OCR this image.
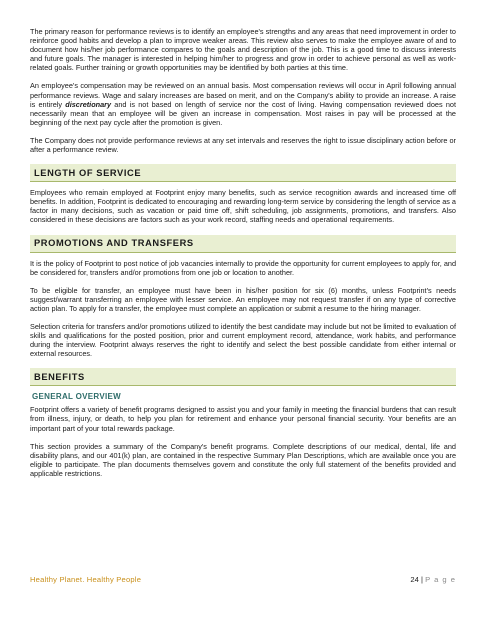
The primary reason for performance reviews is to identify an employee's strengths and any areas that need improvement in order to reinforce good habits and develop a plan to improve weaker areas. This review also serves to make the employee aware of and to document how his/her job performance compares to the goals and description of the job. This is a good time to discuss interests and future goals. The manager is interested in helping him/her to progress and grow in order to achieve personal as well as work-related goals. Further training or growth opportunities may be identified by both parties at this time.

An employee's compensation may be reviewed on an annual basis. Most compensation reviews will occur in April following annual performance reviews. Wage and salary increases are based on merit, and on the Company's ability to provide an increase. A raise is entirely discretionary and is not based on length of service nor the cost of living. Having compensation reviewed does not necessarily mean that an employee will be given an increase in compensation. Most raises in pay will be processed at the beginning of the next pay cycle after the promotion is given.

The Company does not provide performance reviews at any set intervals and reserves the right to issue disciplinary action before or after a performance review.

LENGTH OF SERVICE

Employees who remain employed at Footprint enjoy many benefits, such as service recognition awards and increased time off benefits. In addition, Footprint is dedicated to encouraging and rewarding long-term service by considering the length of service as a factor in many decisions, such as vacation or paid time off, shift scheduling, job assignments, promotions, and transfers. Also considered in these decisions are factors such as your work record, staffing needs and operational requirements.

PROMOTIONS AND TRANSFERS

It is the policy of Footprint to post notice of job vacancies internally to provide the opportunity for current employees to apply for, and be considered for, transfers and/or promotions from one job or location to another.

To be eligible for transfer, an employee must have been in his/her position for six (6) months, unless Footprint's needs suggest/warrant transferring an employee with lesser service. An employee may not request transfer if on any type of corrective action plan. To apply for a transfer, the employee must complete an application or submit a resume to the hiring manager.

Selection criteria for transfers and/or promotions utilized to identify the best candidate may include but not be limited to evaluation of skills and qualifications for the posted position, prior and current employment record, attendance, work habits, and performance during the interview. Footprint always reserves the right to identify and select the best possible candidate from either internal or external resources.

BENEFITS
GENERAL OVERVIEW

Footprint offers a variety of benefit programs designed to assist you and your family in meeting the financial burdens that can result from illness, injury, or death, to help you plan for retirement and enhance your personal financial security. Your benefits are an important part of your total rewards package.

This section provides a summary of the Company's benefit programs. Complete descriptions of our medical, dental, life and disability plans, and our 401(k) plan, are contained in the respective Summary Plan Descriptions, which are available once you are eligible to participate. The plan documents themselves govern and constitute the only full statement of the benefits provided and applicable restrictions.

Healthy Planet. Healthy People	24 | P a g e
